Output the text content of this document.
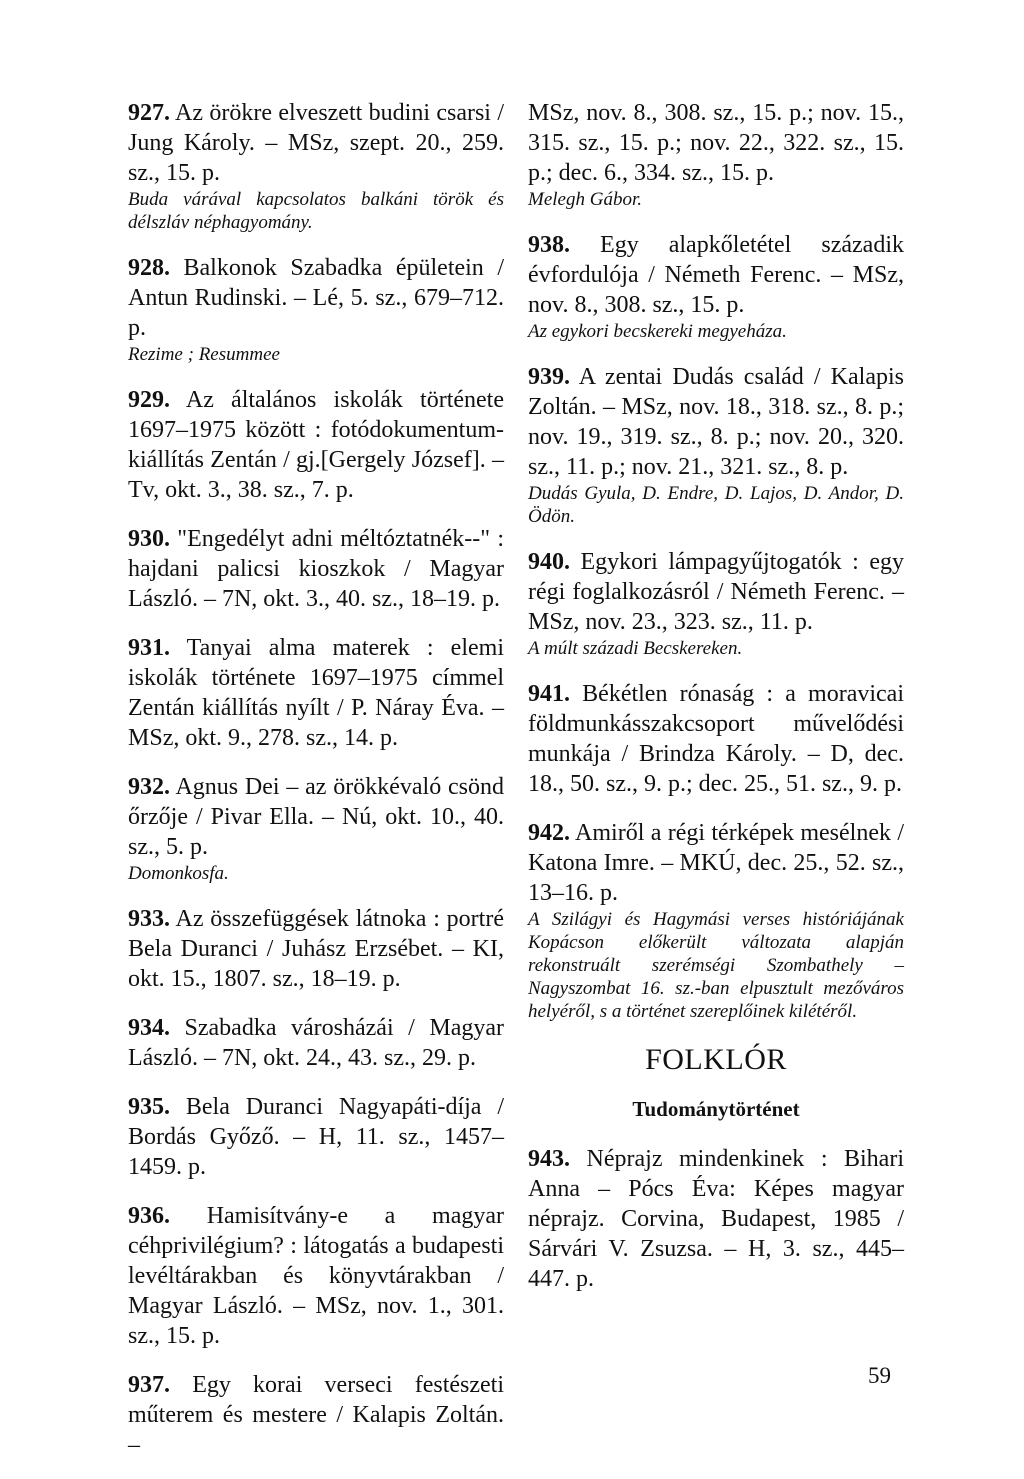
927. Az örökre elveszett budini csarsi / Jung Károly. – MSz, szept. 20., 259. sz., 15. p.

Buda várával kapcsolatos balkáni török és délszláv néphagyomány.

928. Balkonok Szabadka épületein / Antun Rudinski. – Lé, 5. sz., 679–712. p.

Rezime ; Resummee

929. Az általános iskolák története 1697–1975 között : fotódokumentum-kiállítás Zentán / gj.[Gergely József]. – Tv, okt. 3., 38. sz., 7. p.

930. "Engedélyt adni méltóztatnék--" : hajdani palicsi kioszkok / Magyar László. – 7N, okt. 3., 40. sz., 18–19. p.

931. Tanyai alma materek : elemi iskolák története 1697–1975 címmel Zentán kiállítás nyílt / P. Náray Éva. – MSz, okt. 9., 278. sz., 14. p.

932. Agnus Dei – az örökkévaló csönd őrzője / Pivar Ella. – Nú, okt. 10., 40. sz., 5. p.

Domonkosfa.

933. Az összefüggések látnoka : portré Bela Duranci / Juhász Erzsébet. – KI, okt. 15., 1807. sz., 18–19. p.

934. Szabadka városházái / Magyar László. – 7N, okt. 24., 43. sz., 29. p.

935. Bela Duranci Nagyapáti-díja / Bordás Győző. – H, 11. sz., 1457–1459. p.

936. Hamisítvány-e a magyar céhprivilégium? : látogatás a budapesti levéltárakban és könyvtárakban / Magyar László. – MSz, nov. 1., 301. sz., 15. p.

937. Egy korai verseci festészeti műterem és mestere / Kalapis Zoltán. –

MSz, nov. 8., 308. sz., 15. p.; nov. 15., 315. sz., 15. p.; nov. 22., 322. sz., 15. p.; dec. 6., 334. sz., 15. p.

Melegh Gábor.

938. Egy alapkőletétel századik évfordulója / Németh Ferenc. – MSz, nov. 8., 308. sz., 15. p.

Az egykori becskereki megyeháza.

939. A zentai Dudás család / Kalapis Zoltán. – MSz, nov. 18., 318. sz., 8. p.; nov. 19., 319. sz., 8. p.; nov. 20., 320. sz., 11. p.; nov. 21., 321. sz., 8. p.

Dudás Gyula, D. Endre, D. Lajos, D. Andor, D. Ödön.

940. Egykori lámpagyűjtogatók : egy régi foglalkozásról / Németh Ferenc. – MSz, nov. 23., 323. sz., 11. p.

A múlt századi Becskereken.

941. Békétlen rónaság : a moravicai földmunkásszakcsoport művelődési munkája / Brindza Károly. – D, dec. 18., 50. sz., 9. p.; dec. 25., 51. sz., 9. p.

942. Amiről a régi térképek mesélnek / Katona Imre. – MKÚ, dec. 25., 52. sz., 13–16. p.

A Szilágyi és Hagymási verses históriájának Kopácson előkerült változata alapján rekonstruált szerémségi Szombathely – Nagyszombat 16. sz.-ban elpusztult mezőváros helyéről, s a történet szereplőinek kilétéről.

FOLKLÓR
Tudománytörténet

943. Néprajz mindenkinek : Bihari Anna – Pócs Éva: Képes magyar néprajz. Corvina, Budapest, 1985 / Sárvári V. Zsuzsa. – H, 3. sz., 445–447. p.

59
